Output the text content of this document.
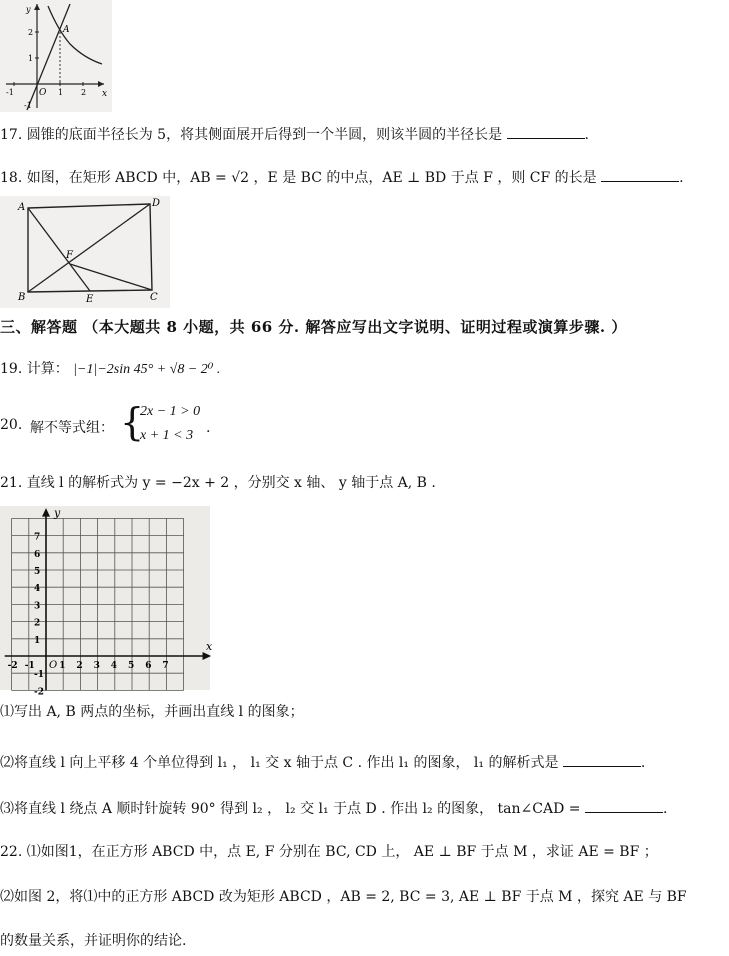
y
x
O
A
-1	1 2
2
1
-1
17. 圆锥的底面半径长为 5，将其侧面展开后得到一个半圆，则该半圆的半径长是	.
18. 如图，在矩形 ABCD 中，AB = √2 ，E 是 BC 的中点，AE ⊥ BD 于点 F ，则 CF 的长是	.
A	D
F
B	E	C
三、解答题 （本大题共 8 小题，共 66 分. 解答应写出文字说明、证明过程或演算步骤. ）
19. 计算： |−1|−2sin 45° + √8 − 2⁰ .
20. 解不等式组： {
2x − 1 > 0
x + 1 < 3 .
21. 直线 l 的解析式为 y = −2x + 2 ，分别交 x 轴、 y 轴于点 A, B .
-2 -1	1 2 3 4 5 6 7
7
6
5
4
3
2
1
-1
-2
O
x
y
⑴写出 A, B 两点的坐标，并画出直线 l 的图象；
⑵将直线 l 向上平移 4 个单位得到 l₁ ， l₁ 交 x 轴于点 C . 作出 l₁ 的图象， l₁ 的解析式是	.
⑶将直线 l 绕点 A 顺时针旋转 90° 得到 l₂ ， l₂ 交 l₁ 于点 D . 作出 l₂ 的图象， tan∠CAD =	.
22. ⑴如图1，在正方形 ABCD 中，点 E, F 分别在 BC, CD 上， AE ⊥ BF 于点 M ，求证 AE = BF ；
⑵如图 2，将⑴中的正方形 ABCD 改为矩形 ABCD ，AB = 2, BC = 3, AE ⊥ BF 于点 M ，探究 AE 与 BF
的数量关系，并证明你的结论.
